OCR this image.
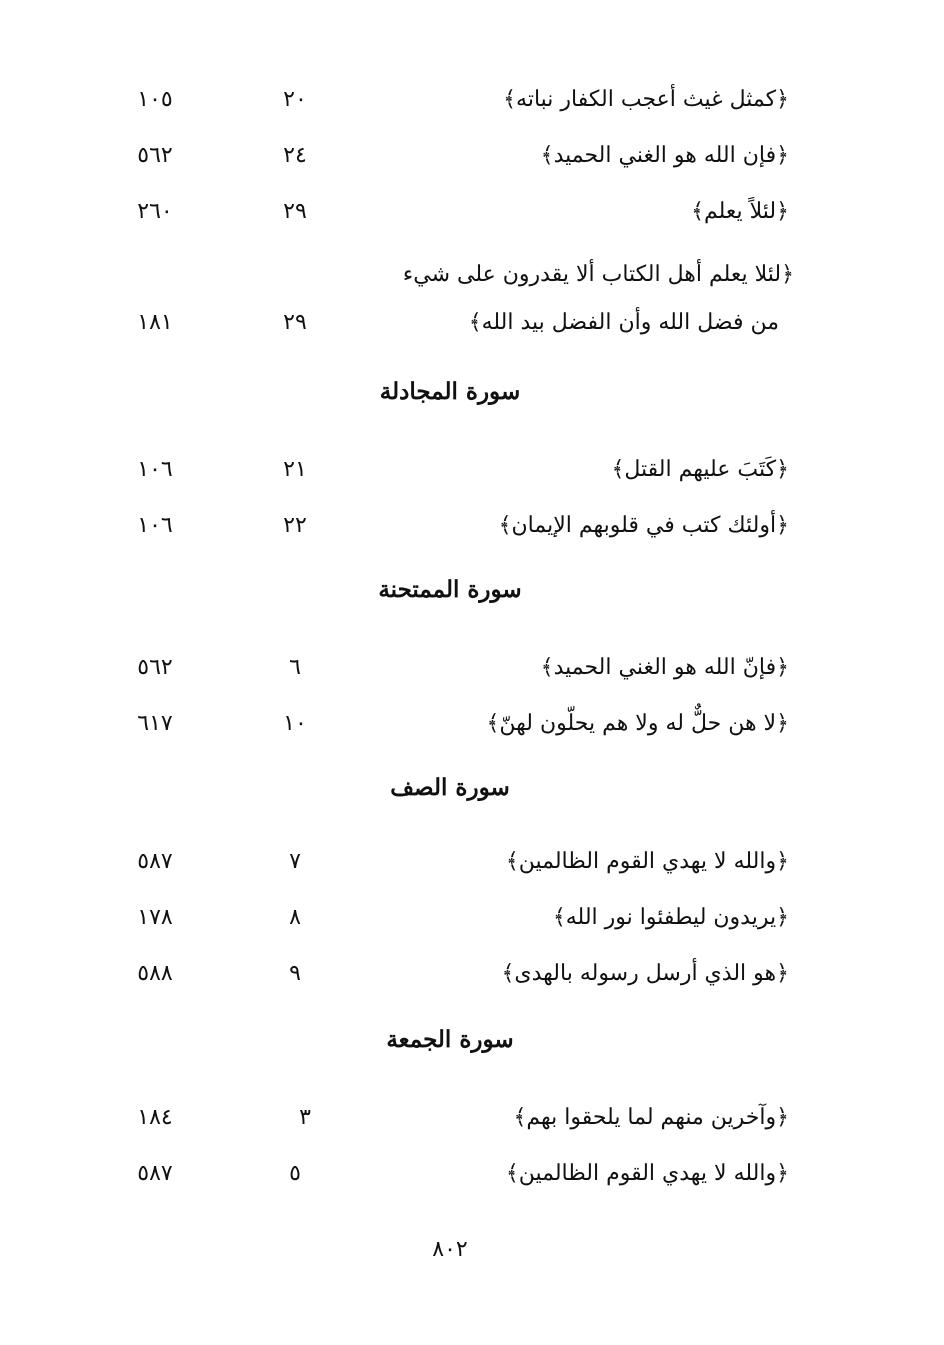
﴿كمثل غيث أعجب الكفار نباته﴾
٢٠
١٠٥
﴿فإن الله هو الغني الحميد﴾
٢٤
٥٦٢
﴿لئلاً يعلم﴾
٢٩
٢٦٠
﴿لئلا يعلم أهل الكتاب ألا يقدرون على شيء
من فضل الله وأن الفضل بيد الله﴾
٢٩
١٨١
سورة المجادلة
﴿كَتَبَ عليهم القتل﴾
٢١
١٠٦
﴿أولئك كتب في قلوبهم الإيمان﴾
٢٢
١٠٦
سورة الممتحنة
﴿فإنّ الله هو الغني الحميد﴾
٦
٥٦٢
﴿لا هن حلٌّ له ولا هم يحلّون لهنّ﴾
١٠
٦١٧
سورة الصف
﴿والله لا يهدي القوم الظالمين﴾
٧
٥٨٧
﴿يريدون ليطفئوا نور الله﴾
٨
١٧٨
﴿هو الذي أرسل رسوله بالهدى﴾
٩
٥٨٨
سورة الجمعة
﴿وآخرين منهم لما يلحقوا بهم﴾
٣
١٨٤
﴿والله لا يهدي القوم الظالمين﴾
٥
٥٨٧
٨٠٢
